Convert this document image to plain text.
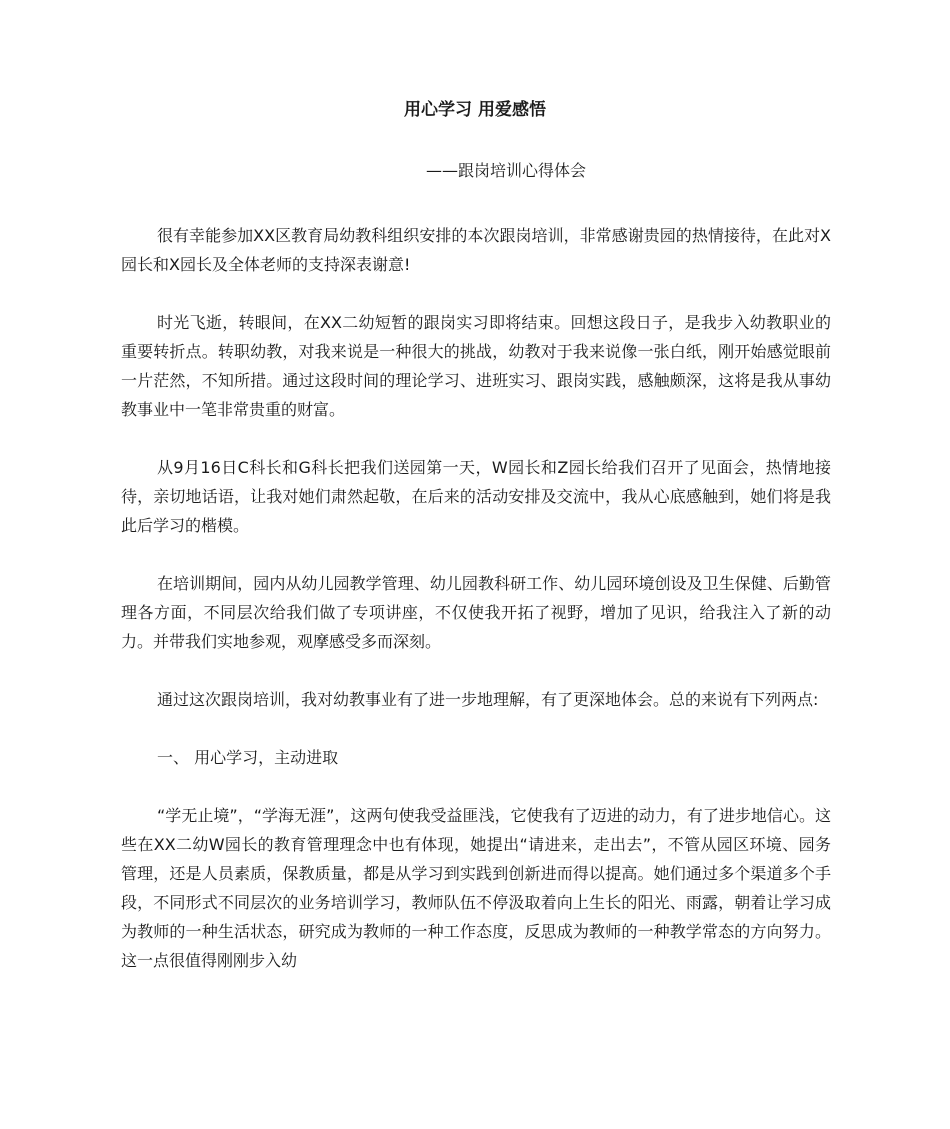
用心学习 用爱感悟

——跟岗培训心得体会

很有幸能参加XX区教育局幼教科组织安排的本次跟岗培训，非常感谢贵园的热情接待，在此对X园长和X园长及全体老师的支持深表谢意!

时光飞逝，转眼间，在XX二幼短暂的跟岗实习即将结束。回想这段日子，是我步入幼教职业的重要转折点。转职幼教，对我来说是一种很大的挑战，幼教对于我来说像一张白纸，刚开始感觉眼前一片茫然，不知所措。通过这段时间的理论学习、进班实习、跟岗实践，感触颇深，这将是我从事幼教事业中一笔非常贵重的财富。

从9月16日C科长和G科长把我们送园第一天，W园长和Z园长给我们召开了见面会，热情地接待，亲切地话语，让我对她们肃然起敬，在后来的活动安排及交流中，我从心底感触到，她们将是我此后学习的楷模。

在培训期间，园内从幼儿园教学管理、幼儿园教科研工作、幼儿园环境创设及卫生保健、后勤管理各方面，不同层次给我们做了专项讲座，不仅使我开拓了视野，增加了见识，给我注入了新的动力。并带我们实地参观，观摩感受多而深刻。

通过这次跟岗培训，我对幼教事业有了进一步地理解，有了更深地体会。总的来说有下列两点:

一、 用心学习，主动进取

“学无止境”，“学海无涯”，这两句使我受益匪浅，它使我有了迈进的动力，有了进步地信心。这些在XX二幼W园长的教育管理理念中也有体现，她提出“请进来，走出去”，不管从园区环境、园务管理，还是人员素质，保教质量，都是从学习到实践到创新进而得以提高。她们通过多个渠道多个手段，不同形式不同层次的业务培训学习，教师队伍不停汲取着向上生长的阳光、雨露，朝着让学习成为教师的一种生活状态，研究成为教师的一种工作态度，反思成为教师的一种教学常态的方向努力。这一点很值得刚刚步入幼
